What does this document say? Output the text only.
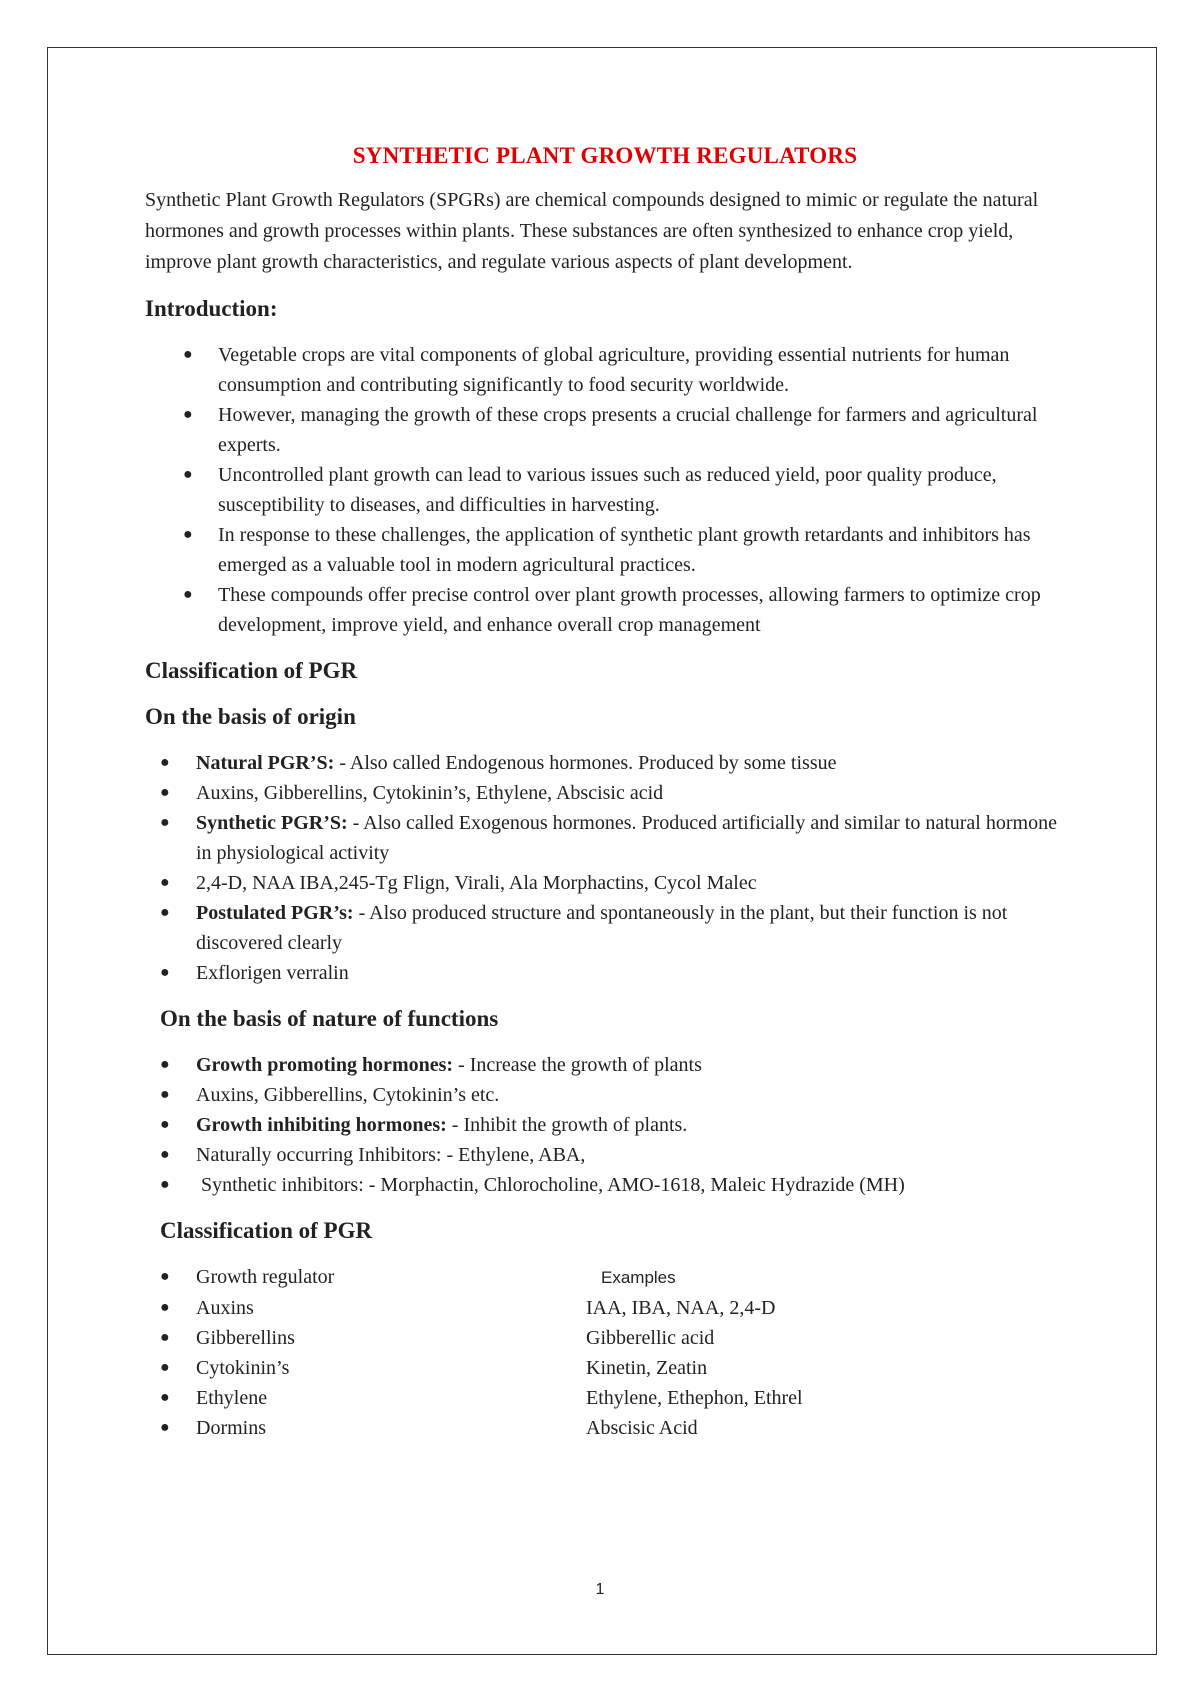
SYNTHETIC PLANT GROWTH REGULATORS

Synthetic Plant Growth Regulators (SPGRs) are chemical compounds designed to mimic or regulate the natural hormones and growth processes within plants. These substances are often synthesized to enhance crop yield, improve plant growth characteristics, and regulate various aspects of plant development.

Introduction:
● Vegetable crops are vital components of global agriculture, providing essential nutrients for human consumption and contributing significantly to food security worldwide.
● However, managing the growth of these crops presents a crucial challenge for farmers and agricultural experts.
● Uncontrolled plant growth can lead to various issues such as reduced yield, poor quality produce, susceptibility to diseases, and difficulties in harvesting.
● In response to these challenges, the application of synthetic plant growth retardants and inhibitors has emerged as a valuable tool in modern agricultural practices.
● These compounds offer precise control over plant growth processes, allowing farmers to optimize crop development, improve yield, and enhance overall crop management
Classification of PGR
On the basis of origin
● Natural PGR’S: - Also called Endogenous hormones. Produced by some tissue
● Auxins, Gibberellins, Cytokinin’s, Ethylene, Abscisic acid
● Synthetic PGR’S: - Also called Exogenous hormones. Produced artificially and similar to natural hormone in physiological activity
● 2,4-D, NAA IBA,245-Tg Flign, Virali, Ala Morphactins, Cycol Malec
● Postulated PGR’s: - Also produced structure and spontaneously in the plant, but their function is not discovered clearly
● Exflorigen verralin
On the basis of nature of functions
● Growth promoting hormones: - Increase the growth of plants
● Auxins, Gibberellins, Cytokinin’s etc.
● Growth inhibiting hormones: - Inhibit the growth of plants.
● Naturally occurring Inhibitors: - Ethylene, ABA,
● Synthetic inhibitors: - Morphactin, Chlorocholine, AMO-1618, Maleic Hydrazide (MH)
Classification of PGR
● Growth regulator	Examples
● Auxins	IAA, IBA, NAA, 2,4-D
● Gibberellins	Gibberellic acid
● Cytokinin’s	Kinetin, Zeatin
● Ethylene	Ethylene, Ethephon, Ethrel
● Dormins	Abscisic Acid
1
